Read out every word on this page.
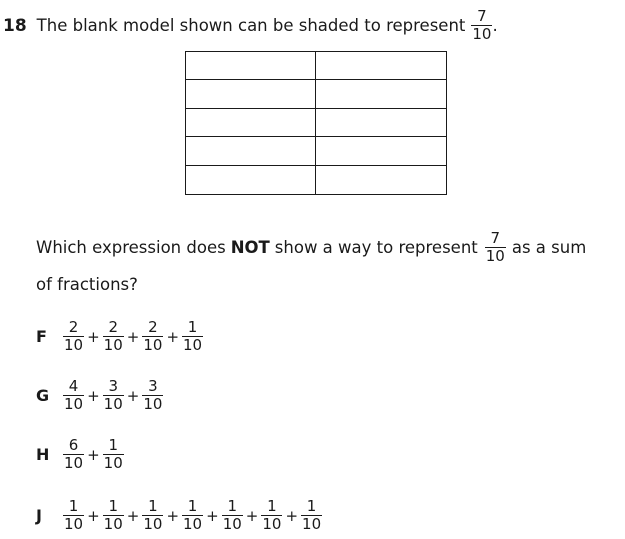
18 The blank model shown can be shaded to represent $\frac{7}{10}$ .
Which expression does NOT show a way to represent $\frac{7}{10}$ as a sum
of fractions?
F	$\frac{2}{10} + \frac{2}{10} + \frac{2}{10} + \frac{1}{10}$
G $\frac{4}{10} + \frac{3}{10} + \frac{3}{10}$
H $\frac{6}{10} + \frac{1}{10}$
J	$\frac{1}{10} + \frac{1}{10} + \frac{1}{10} + \frac{1}{10} + \frac{1}{10} + \frac{1}{10} + \frac{1}{10}$
